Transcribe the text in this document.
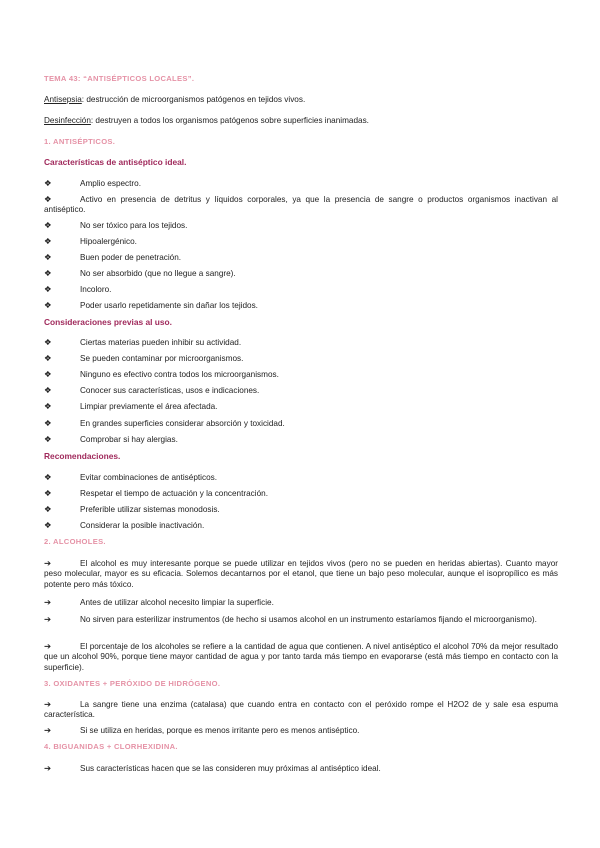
TEMA 43: “ANTISÉPTICOS LOCALES”.
Antisepsia: destrucción de microorganismos patógenos en tejidos vivos.
Desinfección: destruyen a todos los organismos patógenos sobre superficies inanimadas.
1. ANTISÉPTICOS.
Características de antiséptico ideal.
❖	Amplio espectro.
❖	Activo en presencia de detritus y líquidos corporales, ya que la presencia de sangre o productos organismos inactivan al antiséptico.
❖	No ser tóxico para los tejidos.
❖	Hipoalergénico.
❖	Buen poder de penetración.
❖	No ser absorbido (que no llegue a sangre).
❖	Incoloro.
❖	Poder usarlo repetidamente sin dañar los tejidos.
Consideraciones previas al uso.
❖	Ciertas materias pueden inhibir su actividad.
❖	Se pueden contaminar por microorganismos.
❖	Ninguno es efectivo contra todos los microorganismos.
❖	Conocer sus características, usos e indicaciones.
❖	Limpiar previamente el área afectada.
❖	En grandes superficies considerar absorción y toxicidad.
❖	Comprobar si hay alergias.
Recomendaciones.
❖	Evitar combinaciones de antisépticos.
❖	Respetar el tiempo de actuación y la concentración.
❖	Preferible utilizar sistemas monodosis.
❖	Considerar la posible inactivación.
2. ALCOHOLES.
➔	El alcohol es muy interesante porque se puede utilizar en tejidos vivos (pero no se pueden en heridas abiertas). Cuanto mayor peso molecular, mayor es su eficacia. Solemos decantarnos por el etanol, que tiene un bajo peso molecular, aunque el isopropílico es más potente pero más tóxico.
➔	Antes de utilizar alcohol necesito limpiar la superficie.
➔	No sirven para esterilizar instrumentos (de hecho si usamos alcohol en un instrumento estaríamos fijando el microorganismo).
➔	El porcentaje de los alcoholes se refiere a la cantidad de agua que contienen. A nivel antiséptico el alcohol 70% da mejor resultado que un alcohol 90%, porque tiene mayor cantidad de agua y por tanto tarda más tiempo en evaporarse (está más tiempo en contacto con la superficie).
3. OXIDANTES + PERÓXIDO DE HIDRÓGENO.
➔	La sangre tiene una enzima (catalasa) que cuando entra en contacto con el peróxido rompe el H2O2 de y sale esa espuma característica.
➔	Si se utiliza en heridas, porque es menos irritante pero es menos antiséptico.
4. BIGUANIDAS + CLORHEXIDINA.
➔	Sus características hacen que se las consideren muy próximas al antiséptico ideal.
